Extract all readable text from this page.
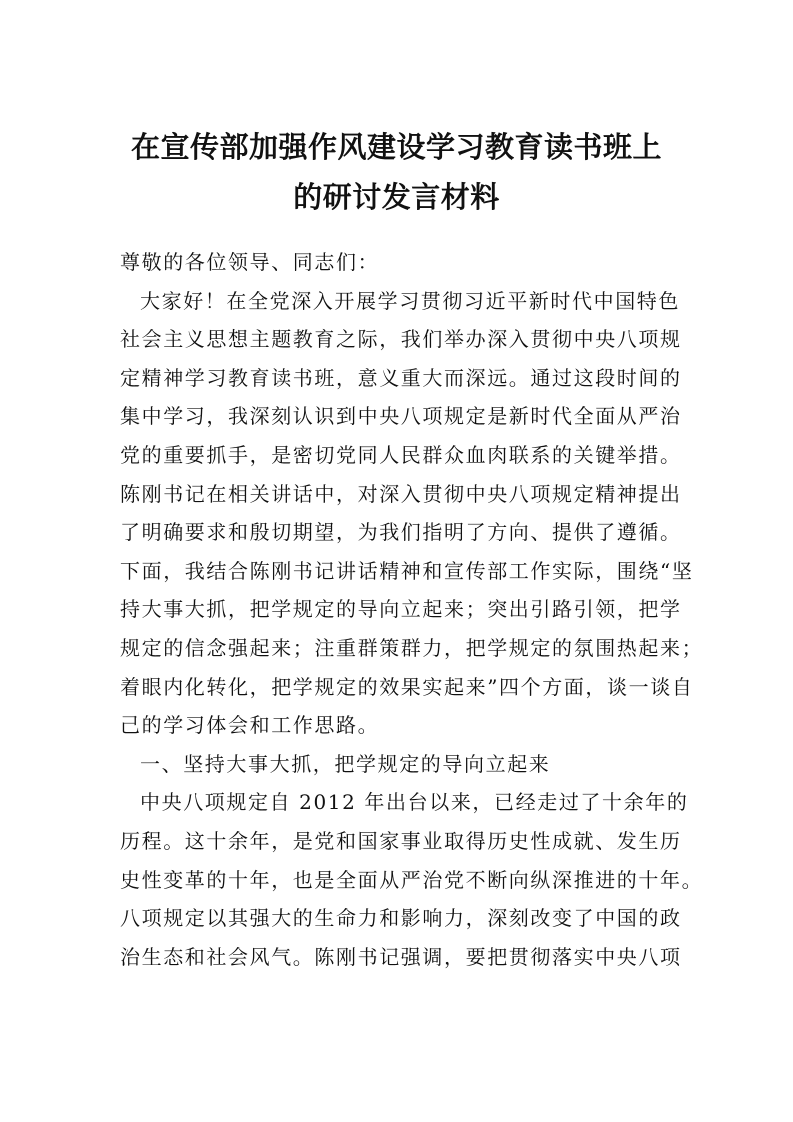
在宣传部加强作风建设学习教育读书班上
的研讨发言材料
尊敬的各位领导、同志们：
大家好！在全党深入开展学习贯彻习近平新时代中国特色
社会主义思想主题教育之际，我们举办深入贯彻中央八项规
定精神学习教育读书班，意义重大而深远。通过这段时间的
集中学习，我深刻认识到中央八项规定是新时代全面从严治
党的重要抓手，是密切党同人民群众血肉联系的关键举措。
陈刚书记在相关讲话中，对深入贯彻中央八项规定精神提出
了明确要求和殷切期望，为我们指明了方向、提供了遵循。
下面，我结合陈刚书记讲话精神和宣传部工作实际，围绕“坚
持大事大抓，把学规定的导向立起来；突出引路引领，把学
规定的信念强起来；注重群策群力，把学规定的氛围热起来；
着眼内化转化，把学规定的效果实起来”四个方面，谈一谈自
己的学习体会和工作思路。
一、坚持大事大抓，把学规定的导向立起来
中央八项规定自 2012 年出台以来，已经走过了十余年的
历程。这十余年，是党和国家事业取得历史性成就、发生历
史性变革的十年，也是全面从严治党不断向纵深推进的十年。
八项规定以其强大的生命力和影响力，深刻改变了中国的政
治生态和社会风气。陈刚书记强调，要把贯彻落实中央八项
